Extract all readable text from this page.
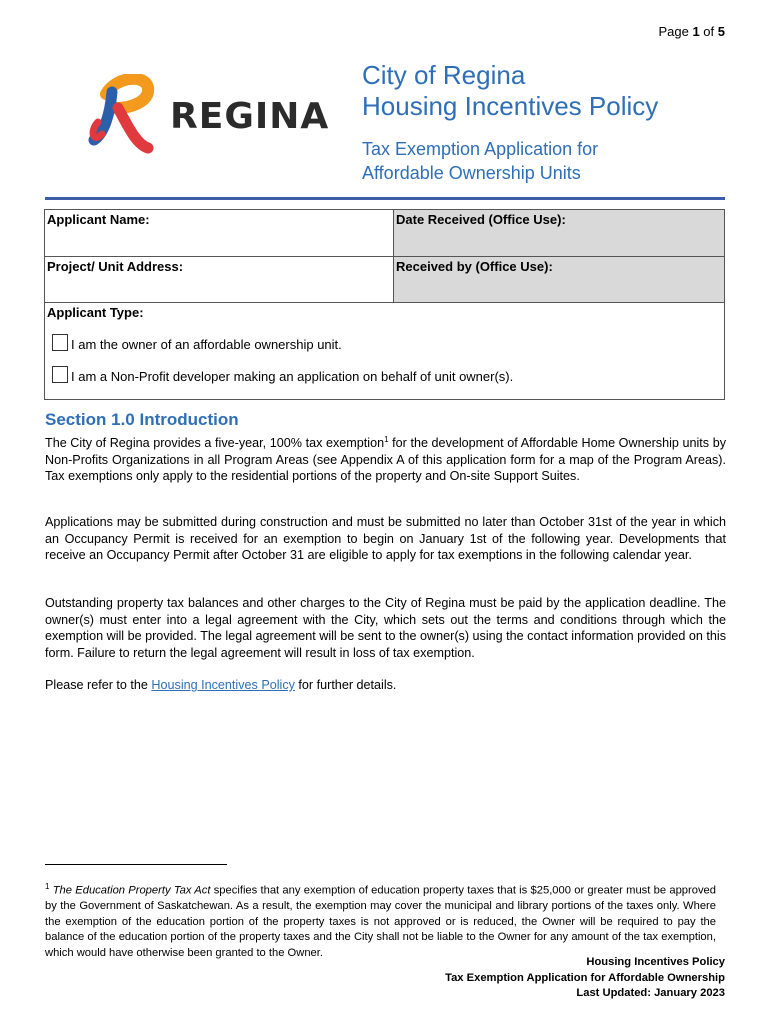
Page 1 of 5
REGINA
City of Regina
Housing Incentives Policy
Tax Exemption Application for
Affordable Ownership Units
Applicant Name:	Date Received (Office Use):
Project/ Unit Address:	Received by (Office Use):
Applicant Type:	
I am the owner of an affordable ownership unit.
I am a Non-Profit developer making an application on behalf of unit owner(s).
Section 1.0 Introduction
The City of Regina provides a five-year, 100% tax exemption$^1$ for the development of Affordable Home Ownership units by Non-Profits Organizations in all Program Areas (see Appendix A of this application form for a map of the Program Areas). Tax exemptions only apply to the residential portions of the property and On-site Support Suites.
Applications may be submitted during construction and must be submitted no later than October 31st of the year in which an Occupancy Permit is received for an exemption to begin on January 1st of the following year. Developments that receive an Occupancy Permit after October 31 are eligible to apply for tax exemptions in the following calendar year.
Outstanding property tax balances and other charges to the City of Regina must be paid by the application deadline. The owner(s) must enter into a legal agreement with the City, which sets out the terms and conditions through which the exemption will be provided. The legal agreement will be sent to the owner(s) using the contact information provided on this form. Failure to return the legal agreement will result in loss of tax exemption.
Please refer to the Housing Incentives Policy for further details.
$^1$ The Education Property Tax Act specifies that any exemption of education property taxes that is $25,000 or greater must be approved by the Government of Saskatchewan. As a result, the exemption may cover the municipal and library portions of the taxes only. Where the exemption of the education portion of the property taxes is not approved or is reduced, the Owner will be required to pay the balance of the education portion of the property taxes and the City shall not be liable to the Owner for any amount of the tax exemption, which would have otherwise been granted to the Owner.
Housing Incentives Policy
Tax Exemption Application for Affordable Ownership
Last Updated: January 2023
